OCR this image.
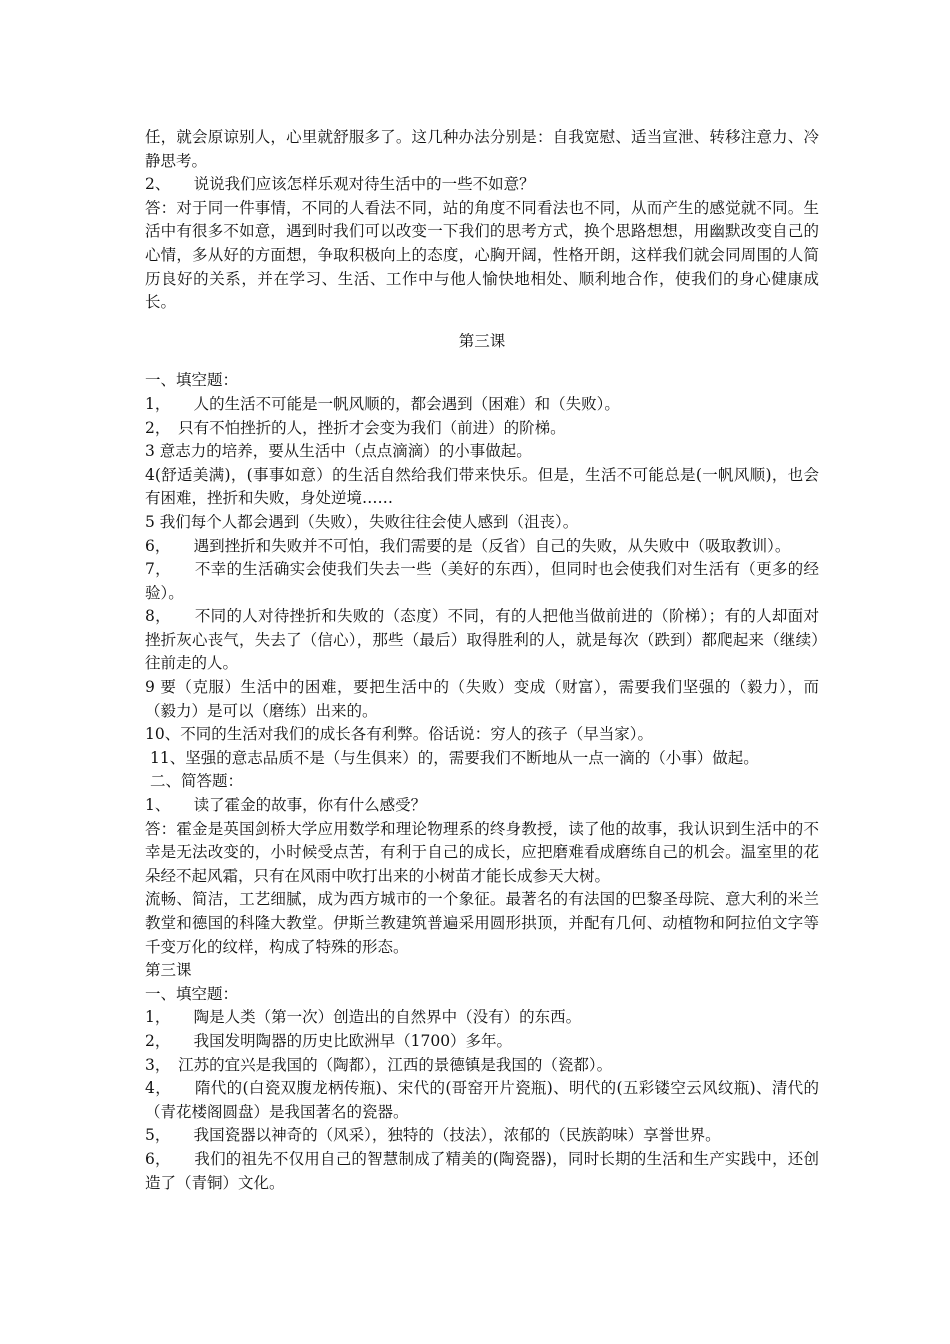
任，就会原谅别人，心里就舒服多了。这几种办法分别是：自我宽慰、适当宣泄、转移注意力、冷静思考。

2、　　说说我们应该怎样乐观对待生活中的一些不如意？

答：对于同一件事情，不同的人看法不同，站的角度不同看法也不同，从而产生的感觉就不同。生活中有很多不如意，遇到时我们可以改变一下我们的思考方式，换个思路想想，用幽默改变自己的心情，多从好的方面想，争取积极向上的态度，心胸开阔，性格开朗，这样我们就会同周围的人简历良好的关系，并在学习、生活、工作中与他人愉快地相处、顺利地合作，使我们的身心健康成长。

第三课

一、填空题：

1，　　人的生活不可能是一帆风顺的，都会遇到（困难）和（失败）。

2，　只有不怕挫折的人，挫折才会变为我们（前进）的阶梯。

3 意志力的培养，要从生活中（点点滴滴）的小事做起。

4(舒适美满)，(事事如意）的生活自然给我们带来快乐。但是，生活不可能总是(一帆风顺)，也会有困难，挫折和失败，身处逆境……

5 我们每个人都会遇到（失败），失败往往会使人感到（沮丧）。

6，　　遇到挫折和失败并不可怕，我们需要的是（反省）自己的失败，从失败中（吸取教训）。

7，　　不幸的生活确实会使我们失去一些（美好的东西），但同时也会使我们对生活有（更多的经验）。

8，　　不同的人对待挫折和失败的（态度）不同，有的人把他当做前进的（阶梯）；有的人却面对挫折灰心丧气，失去了（信心），那些（最后）取得胜利的人，就是每次（跌到）都爬起来（继续）往前走的人。

9 要（克服）生活中的困难，要把生活中的（失败）变成（财富），需要我们坚强的（毅力），而（毅力）是可以（磨练）出来的。

10、不同的生活对我们的成长各有利弊。俗话说：穷人的孩子（早当家）。

11、坚强的意志品质不是（与生俱来）的，需要我们不断地从一点一滴的（小事）做起。

二、简答题：

1、　　读了霍金的故事，你有什么感受？

答：霍金是英国剑桥大学应用数学和理论物理系的终身教授，读了他的故事，我认识到生活中的不幸是无法改变的，小时候受点苦，有利于自己的成长，应把磨难看成磨练自己的机会。温室里的花朵经不起风霜，只有在风雨中吹打出来的小树苗才能长成参天大树。

流畅、简洁，工艺细腻，成为西方城市的一个象征。最著名的有法国的巴黎圣母院、意大利的米兰教堂和德国的科隆大教堂。伊斯兰教建筑普遍采用圆形拱顶，并配有几何、动植物和阿拉伯文字等千变万化的纹样，构成了特殊的形态。

第三课

一、填空题：

1，　　陶是人类（第一次）创造出的自然界中（没有）的东西。

2，　　我国发明陶器的历史比欧洲早（1700）多年。

3，　江苏的宜兴是我国的（陶都），江西的景德镇是我国的（瓷都）。

4，　　隋代的(白瓷双腹龙柄传瓶)、宋代的(哥窑开片瓷瓶)、明代的(五彩镂空云风纹瓶)、清代的（青花楼阁圆盘）是我国著名的瓷器。

5，　　我国瓷器以神奇的（风采），独特的（技法），浓郁的（民族韵味）享誉世界。

6，　　我们的祖先不仅用自己的智慧制成了精美的(陶瓷器)，同时长期的生活和生产实践中，还创造了（青铜）文化。
